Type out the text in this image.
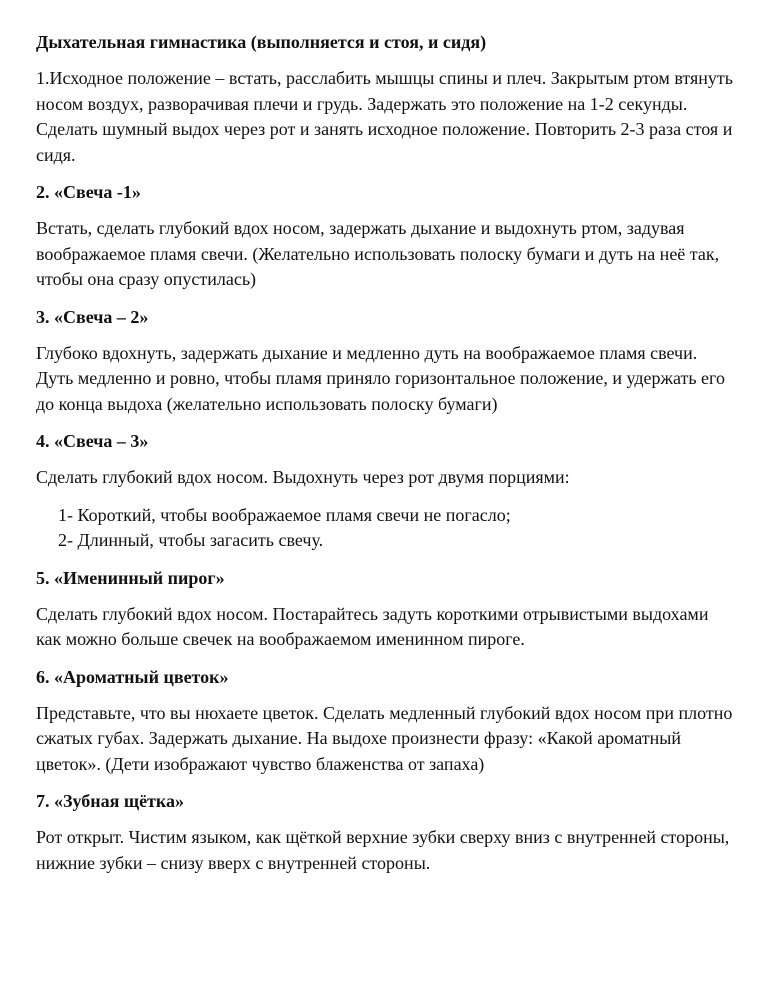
Дыхательная гимнастика (выполняется и стоя, и сидя)
1.Исходное положение – встать, расслабить мышцы спины и плеч. Закрытым ртом втянуть носом воздух, разворачивая плечи и грудь. Задержать это положение на 1-2 секунды. Сделать шумный выдох через рот и занять исходное положение. Повторить 2-3 раза стоя и сидя.
2. «Свеча -1»
Встать, сделать глубокий вдох носом, задержать дыхание и выдохнуть ртом, задувая воображаемое пламя свечи. (Желательно использовать полоску бумаги и дуть на неё так, чтобы она сразу опустилась)
3. «Свеча – 2»
Глубоко вдохнуть, задержать дыхание и медленно дуть на воображаемое пламя свечи. Дуть медленно и ровно, чтобы пламя приняло горизонтальное положение, и удержать его до конца выдоха (желательно использовать полоску бумаги)
4. «Свеча – 3»
Сделать глубокий вдох носом. Выдохнуть через рот двумя порциями:
1- Короткий, чтобы воображаемое пламя свечи не погасло;
2- Длинный, чтобы загасить свечу.
5. «Именинный пирог»
Сделать глубокий вдох носом. Постарайтесь задуть короткими отрывистыми выдохами как можно больше свечек на воображаемом именинном пироге.
6. «Ароматный цветок»
Представьте, что вы нюхаете цветок. Сделать медленный глубокий вдох носом при плотно сжатых губах. Задержать дыхание. На выдохе произнести фразу: «Какой ароматный цветок». (Дети изображают чувство блаженства от запаха)
7. «Зубная щётка»
Рот открыт. Чистим языком, как щёткой верхние зубки сверху вниз с внутренней стороны, нижние зубки – снизу вверх с внутренней стороны.
